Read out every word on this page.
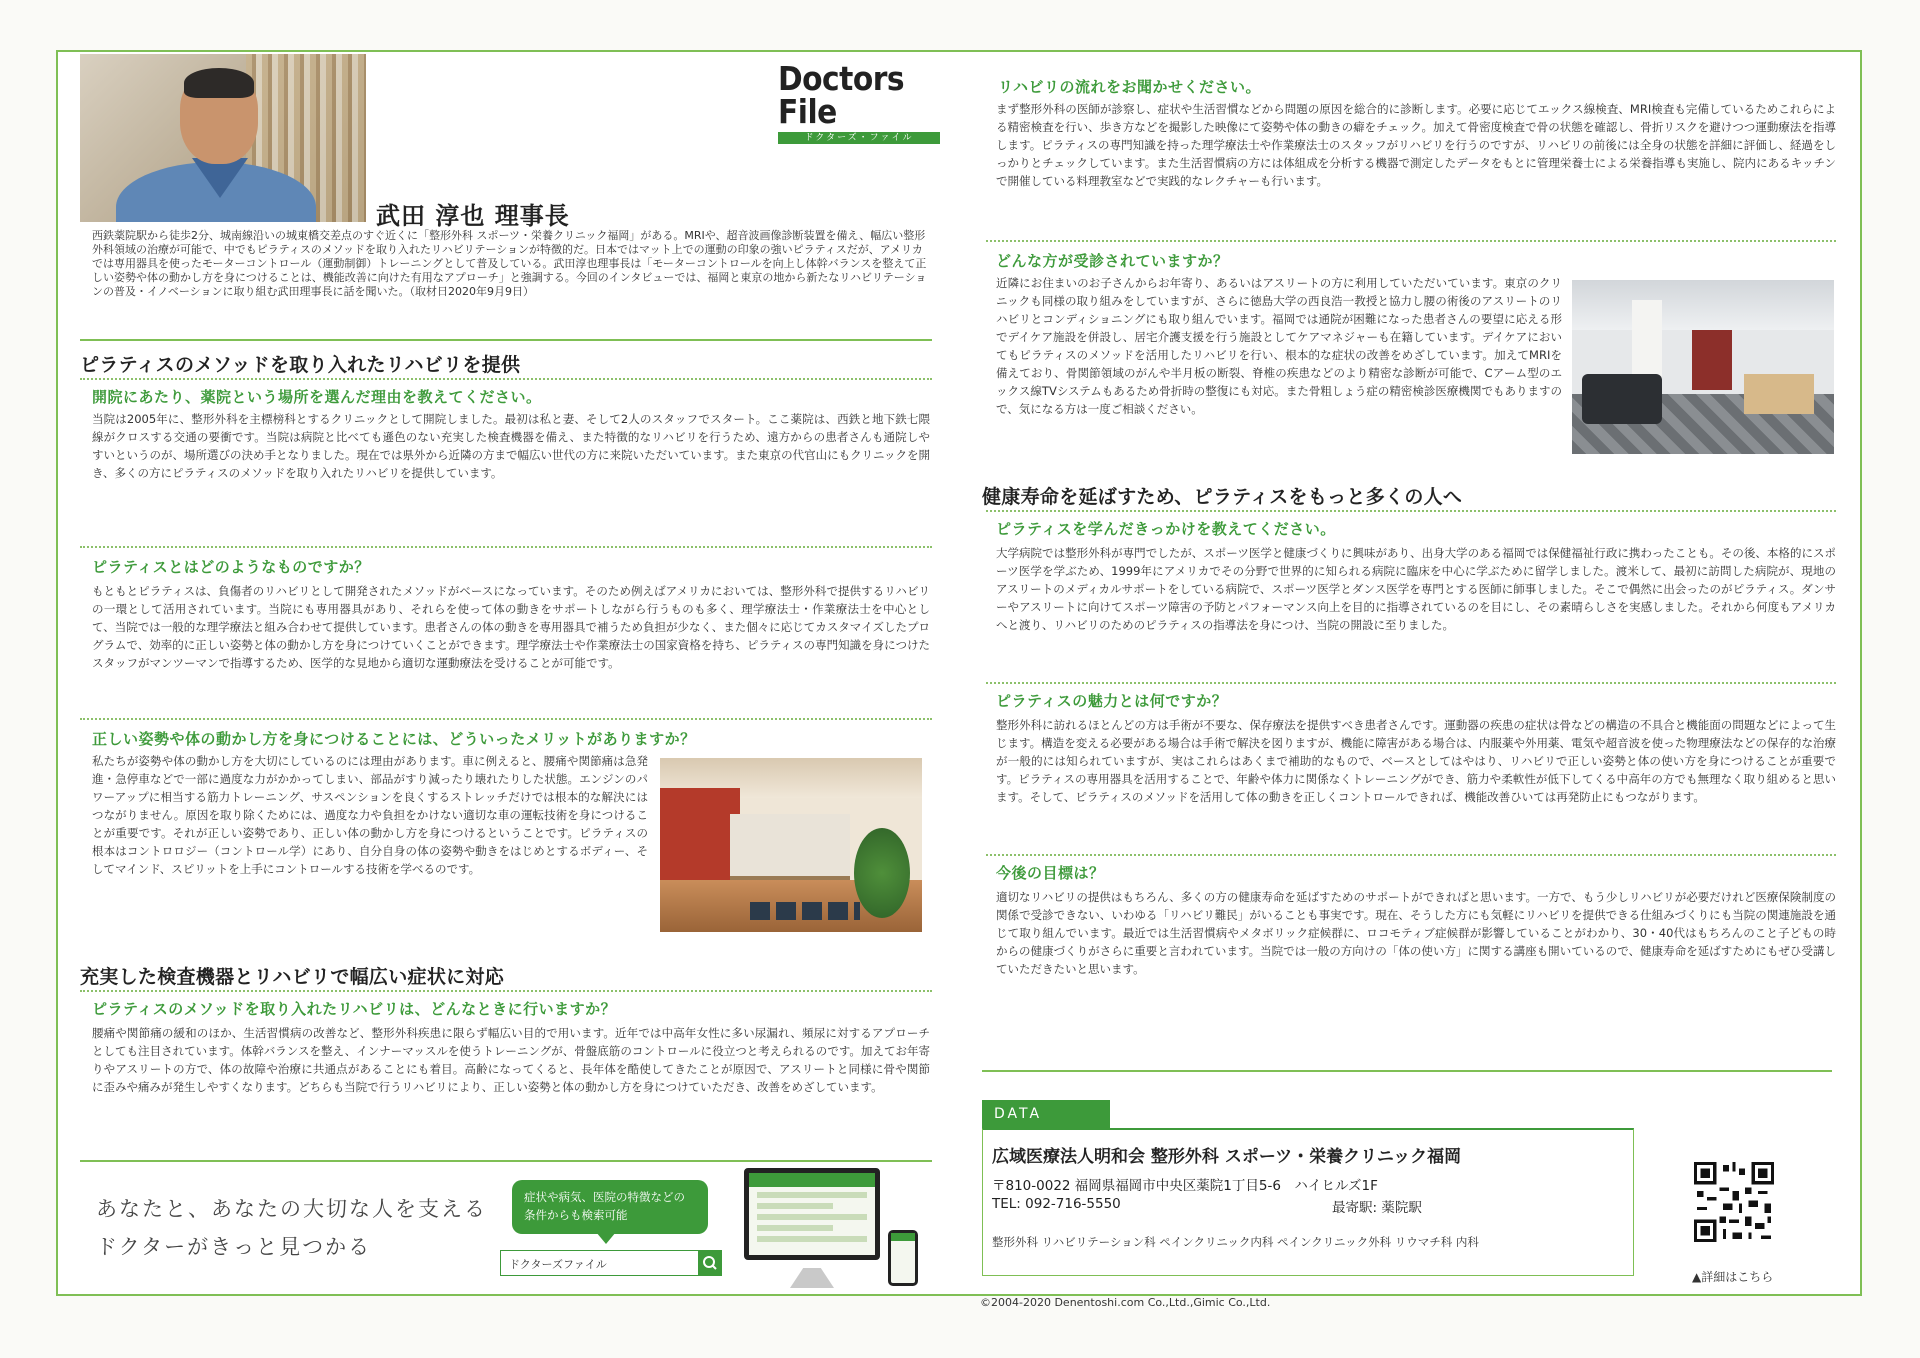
Doctors File
ドクターズ・ファイル
武田 淳也 理事長
西鉄薬院駅から徒歩2分、城南線沿いの城東橋交差点のすぐ近くに「整形外科 スポーツ・栄養クリニック福岡」がある。MRIや、超音波画像診断装置を備え、幅広い整形外科領域の治療が可能で、中でもピラティスのメソッドを取り入れたリハビリテーションが特徴的だ。日本ではマット上での運動の印象の強いピラティスだが、アメリカでは専用器具を使ったモーターコントロール（運動制御）トレーニングとして普及している。武田淳也理事長は「モーターコントロールを向上し体幹バランスを整えて正しい姿勢や体の動かし方を身につけることは、機能改善に向けた有用なアプローチ」と強調する。今回のインタビューでは、福岡と東京の地から新たなリハビリテーションの普及・イノベーションに取り組む武田理事長に話を聞いた。（取材日2020年9月9日）
ピラティスのメソッドを取り入れたリハビリを提供
開院にあたり、薬院という場所を選んだ理由を教えてください。
当院は2005年に、整形外科を主標榜科とするクリニックとして開院しました。最初は私と妻、そして2人のスタッフでスタート。ここ薬院は、西鉄と地下鉄七隈線がクロスする交通の要衝です。当院は病院と比べても遜色のない充実した検査機器を備え、また特徴的なリハビリを行うため、遠方からの患者さんも通院しやすいというのが、場所選びの決め手となりました。現在では県外から近隣の方まで幅広い世代の方に来院いただいています。また東京の代官山にもクリニックを開き、多くの方にピラティスのメソッドを取り入れたリハビリを提供しています。
ピラティスとはどのようなものですか？
もともとピラティスは、負傷者のリハビリとして開発されたメソッドがベースになっています。そのため例えばアメリカにおいては、整形外科で提供するリハビリの一環として活用されています。当院にも専用器具があり、それらを使って体の動きをサポートしながら行うものも多く、理学療法士・作業療法士を中心として、当院では一般的な理学療法と組み合わせて提供しています。患者さんの体の動きを専用器具で補うため負担が少なく、また個々に応じてカスタマイズしたプログラムで、効率的に正しい姿勢と体の動かし方を身につけていくことができます。理学療法士や作業療法士の国家資格を持ち、ピラティスの専門知識を身につけたスタッフがマンツーマンで指導するため、医学的な見地から適切な運動療法を受けることが可能です。
正しい姿勢や体の動かし方を身につけることには、どういったメリットがありますか？
私たちが姿勢や体の動かし方を大切にしているのには理由があります。車に例えると、腰痛や関節痛は急発進・急停車などで一部に過度な力がかかってしまい、部品がすり減ったり壊れたりした状態。エンジンのパワーアップに相当する筋力トレーニング、サスペンションを良くするストレッチだけでは根本的な解決にはつながりません。原因を取り除くためには、過度な力や負担をかけない適切な車の運転技術を身につけることが重要です。それが正しい姿勢であり、正しい体の動かし方を身につけるということです。ピラティスの根本はコントロロジー（コントロール学）にあり、自分自身の体の姿勢や動きをはじめとするボディー、そしてマインド、スピリットを上手にコントロールする技術を学べるのです。
充実した検査機器とリハビリで幅広い症状に対応
ピラティスのメソッドを取り入れたリハビリは、どんなときに行いますか？
腰痛や関節痛の緩和のほか、生活習慣病の改善など、整形外科疾患に限らず幅広い目的で用います。近年では中高年女性に多い尿漏れ、頻尿に対するアプローチとしても注目されています。体幹バランスを整え、インナーマッスルを使うトレーニングが、骨盤底筋のコントロールに役立つと考えられるのです。加えてお年寄りやアスリートの方で、体の故障や治療に共通点があることにも着目。高齢になってくると、長年体を酷使してきたことが原因で、アスリートと同様に骨や関節に歪みや痛みが発生しやすくなります。どちらも当院で行うリハビリにより、正しい姿勢と体の動かし方を身につけていただき、改善をめざしています。
あなたと、あなたの大切な人を支える
ドクターがきっと見つかる
症状や病気、医院の特徴などの
条件からも検索可能
ドクターズファイル
リハビリの流れをお聞かせください。
まず整形外科の医師が診察し、症状や生活習慣などから問題の原因を総合的に診断します。必要に応じてエックス線検査、MRI検査も完備しているためこれらによる精密検査を行い、歩き方などを撮影した映像にて姿勢や体の動きの癖をチェック。加えて骨密度検査で骨の状態を確認し、骨折リスクを避けつつ運動療法を指導します。ピラティスの専門知識を持った理学療法士や作業療法士のスタッフがリハビリを行うのですが、リハビリの前後には全身の状態を詳細に評価し、経過をしっかりとチェックしています。また生活習慣病の方には体組成を分析する機器で測定したデータをもとに管理栄養士による栄養指導も実施し、院内にあるキッチンで開催している料理教室などで実践的なレクチャーも行います。
どんな方が受診されていますか？
近隣にお住まいのお子さんからお年寄り、あるいはアスリートの方に利用していただいています。東京のクリニックも同様の取り組みをしていますが、さらに徳島大学の西良浩一教授と協力し腰の術後のアスリートのリハビリとコンディショニングにも取り組んでいます。福岡では通院が困難になった患者さんの要望に応える形でデイケア施設を併設し、居宅介護支援を行う施設としてケアマネジャーも在籍しています。デイケアにおいてもピラティスのメソッドを活用したリハビリを行い、根本的な症状の改善をめざしています。加えてMRIを備えており、骨関節領域のがんや半月板の断裂、脊椎の疾患などのより精密な診断が可能で、Cアーム型のエックス線TVシステムもあるため骨折時の整復にも対応。また骨粗しょう症の精密検診医療機関でもありますので、気になる方は一度ご相談ください。
健康寿命を延ばすため、ピラティスをもっと多くの人へ
ピラティスを学んだきっかけを教えてください。
大学病院では整形外科が専門でしたが、スポーツ医学と健康づくりに興味があり、出身大学のある福岡では保健福祉行政に携わったことも。その後、本格的にスポーツ医学を学ぶため、1999年にアメリカでその分野で世界的に知られる病院に臨床を中心に学ぶために留学しました。渡米して、最初に訪問した病院が、現地のアスリートのメディカルサポートをしている病院で、スポーツ医学とダンス医学を専門とする医師に師事しました。そこで偶然に出会ったのがピラティス。ダンサーやアスリートに向けてスポーツ障害の予防とパフォーマンス向上を目的に指導されているのを目にし、その素晴らしさを実感しました。それから何度もアメリカへと渡り、リハビリのためのピラティスの指導法を身につけ、当院の開設に至りました。
ピラティスの魅力とは何ですか？
整形外科に訪れるほとんどの方は手術が不要な、保存療法を提供すべき患者さんです。運動器の疾患の症状は骨などの構造の不具合と機能面の問題などによって生じます。構造を変える必要がある場合は手術で解決を図りますが、機能に障害がある場合は、内服薬や外用薬、電気や超音波を使った物理療法などの保存的な治療が一般的には知られていますが、実はこれらはあくまで補助的なもので、ベースとしてはやはり、リハビリで正しい姿勢と体の使い方を身につけることが重要です。ピラティスの専用器具を活用することで、年齢や体力に関係なくトレーニングができ、筋力や柔軟性が低下してくる中高年の方でも無理なく取り組めると思います。そして、ピラティスのメソッドを活用して体の動きを正しくコントロールできれば、機能改善ひいては再発防止にもつながります。
今後の目標は？
適切なリハビリの提供はもちろん、多くの方の健康寿命を延ばすためのサポートができればと思います。一方で、もう少しリハビリが必要だけれど医療保険制度の関係で受診できない、いわゆる「リハビリ難民」がいることも事実です。現在、そうした方にも気軽にリハビリを提供できる仕組みづくりにも当院の関連施設を通じて取り組んでいます。最近では生活習慣病やメタボリック症候群に、ロコモティブ症候群が影響していることがわかり、30・40代はもちろんのこと子どもの時からの健康づくりがさらに重要と言われています。当院では一般の方向けの「体の使い方」に関する講座も開いているので、健康寿命を延ばすためにもぜひ受講していただきたいと思います。
DATA
広域医療法人明和会 整形外科 スポーツ・栄養クリニック福岡
〒810-0022 福岡県福岡市中央区薬院1丁目5-6　ハイヒルズ1F
TEL: 092-716-5550	最寄駅: 薬院駅
整形外科 リハビリテーション科 ペインクリニック内科 ペインクリニック外科 リウマチ科 内科
▲詳細はこちら
©2004-2020 Denentoshi.com Co.,Ltd.,Gimic Co.,Ltd.
